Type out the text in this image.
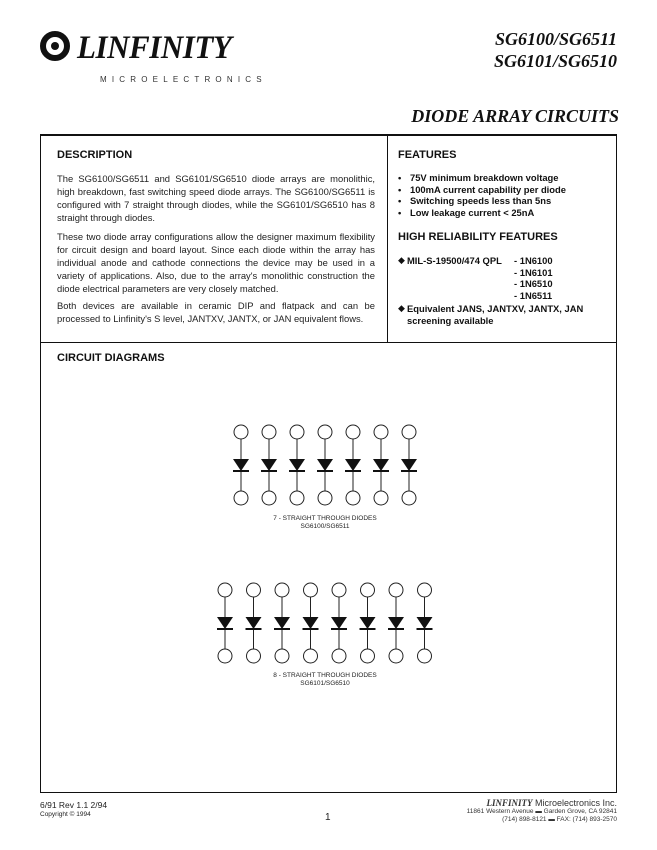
LINFINITY
MICROELECTRONICS
SG6100/SG6511
SG6101/SG6510
DIODE ARRAY CIRCUITS
DESCRIPTION
The SG6100/SG6511 and SG6101/SG6510 diode arrays are monolithic, high breakdown, fast switching speed diode arrays. The SG6100/SG6511 is configured with 7 straight through diodes, while the SG6101/SG6510 has 8 straight through diodes.
These two diode array configurations allow the designer maximum flexibility for circuit design and board layout. Since each diode within the array has individual anode and cathode connections the device may be used in a variety of applications. Also, due to the array's monolithic construction the diode electrical parameters are very closely matched.
Both devices are available in ceramic DIP and flatpack and can be processed to Linfinity's S level, JANTXV, JANTX, or JAN equivalent flows.
FEATURES
• 75V minimum breakdown voltage
• 100mA current capability per diode
• Switching speeds less than 5ns
• Low leakage current < 25nA
HIGH RELIABILITY FEATURES
◆ MIL-S-19500/474 QPL - 1N6100
- 1N6101
- 1N6510
- 1N6511
◆ Equivalent JANS, JANTXV, JANTX, JAN
screening available
CIRCUIT DIAGRAMS
7 - STRAIGHT THROUGH DIODES
SG6100/SG6511
8 - STRAIGHT THROUGH DIODES
SG6101/SG6510
6/91 Rev 1.1 2/94
Copyright © 1994	1
LINFINITY Microelectronics Inc.
11861 Western Avenue ▬ Garden Grove, CA 92841
(714) 898-8121 ▬ FAX: (714) 893-2570
